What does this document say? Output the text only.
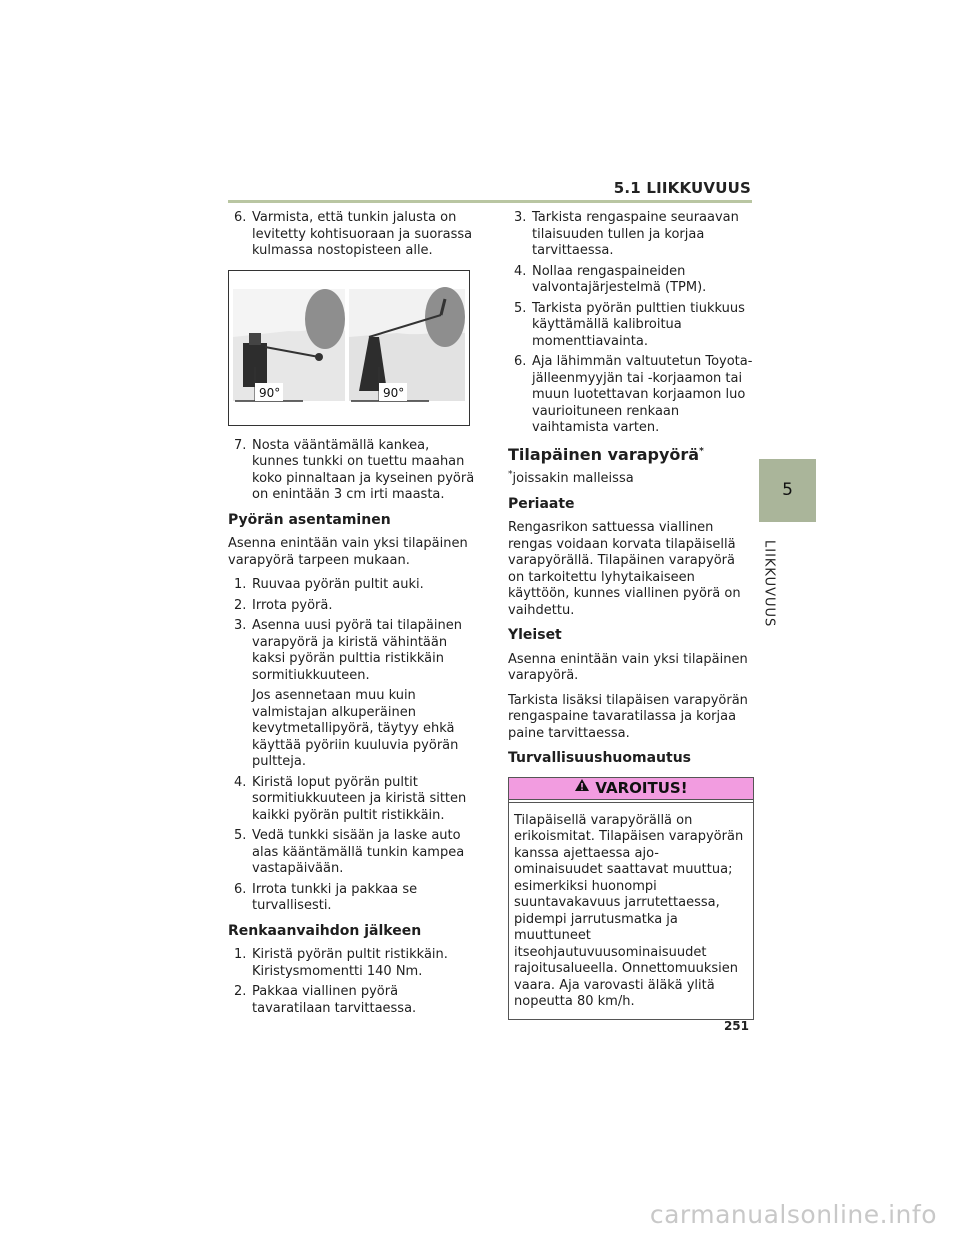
5.1 LIIKKUVUUS
5
LIIKKUVUUS
6. Varmista, että tunkin jalusta on levitetty kohtisuoraan ja suorassa kulmassa nostopisteen alle.
90°	90°
7. Nosta vääntämällä kankea, kunnes tunkki on tuettu maahan koko pinnaltaan ja kyseinen pyörä on enintään 3 cm irti maasta.
Pyörän asentaminen

Asenna enintään vain yksi tilapäinen varapyörä tarpeen mukaan.

1. Ruuvaa pyörän pultit auki.
2. Irrota pyörä.
3. Asenna uusi pyörä tai tilapäinen varapyörä ja kiristä vähintään kaksi pyörän pulttia ristikkäin sormitiukkuuteen.
Jos asennetaan muu kuin valmistajan alkuperäinen kevytmetallipyörä, täytyy ehkä käyttää pyöriin kuuluvia pyörän pultteja.
4. Kiristä loput pyörän pultit sormitiukkuuteen ja kiristä sitten kaikki pyörän pultit ristikkäin.
5. Vedä tunkki sisään ja laske auto alas kääntämällä tunkin kampea vastapäivään.
6. Irrota tunkki ja pakkaa se turvallisesti.
Renkaanvaihdon jälkeen
1. Kiristä pyörän pultit ristikkäin. Kiristysmomentti 140 Nm.
2. Pakkaa viallinen pyörä tavaratilaan tarvittaessa.
3. Tarkista rengaspaine seuraavan tilaisuuden tullen ja korjaa tarvittaessa.
4. Nollaa rengaspaineiden valvontajärjestelmä (TPM).
5. Tarkista pyörän pulttien tiukkuus käyttämällä kalibroitua momenttiavainta.
6. Aja lähimmän valtuutetun Toyota-jälleenmyyjän tai -korjaamon tai muun luotettavan korjaamon luo vaurioituneen renkaan vaihtamista varten.
Tilapäinen varapyörä*

*joissakin malleissa

Periaate

Rengasrikon sattuessa viallinen rengas voidaan korvata tilapäisellä varapyörällä. Tilapäinen varapyörä on tarkoitettu lyhytaikaiseen käyttöön, kunnes viallinen pyörä on vaihdettu.

Yleiset

Asenna enintään vain yksi tilapäinen varapyörä.

Tarkista lisäksi tilapäisen varapyörän rengaspaine tavaratilassa ja korjaa paine tarvittaessa.

Turvallisuushuomautus
VAROITUS!
Tilapäisellä varapyörällä on erikoismitat. Tilapäisen varapyörän kanssa ajettaessa ajo-ominaisuudet saattavat muuttua; esimerkiksi huonompi suuntavakavuus jarrutettaessa, pidempi jarrutusmatka ja muuttuneet itseohjautuvuusominaisuudet rajoitusalueella. Onnettomuuksien vaara. Aja varovasti äläkä ylitä nopeutta 80 km/h.
251
carmanualsonline.info
